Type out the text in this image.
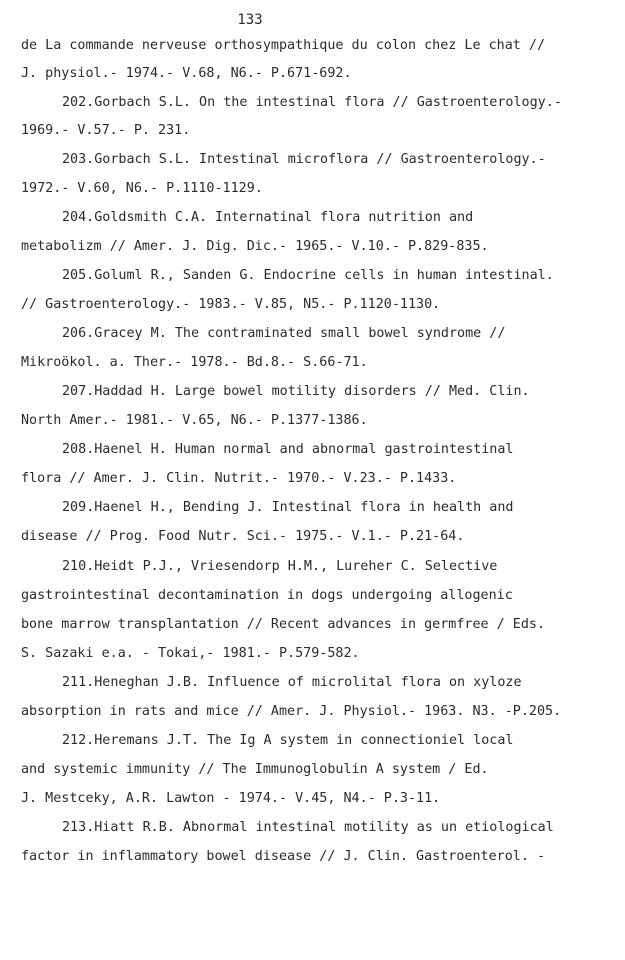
133
de La commande nerveuse orthosympathique du colon chez Le chat //
J. physiol.- 1974.- V.68, N6.- P.671-692.
202.Gorbach S.L. On the intestinal flora // Gastroenterology.-
1969.- V.57.- P. 231.
203.Gorbach S.L. Intestinal microflora // Gastroenterology.-
1972.- V.60, N6.- P.1110-1129.
204.Goldsmith C.A. Internatinal flora nutrition and
metabolizm // Amer. J. Dig. Dic.- 1965.- V.10.- P.829-835.
205.Goluml R., Sanden G. Endocrine cells in human intestinal.
// Gastroenterology.- 1983.- V.85, N5.- P.1120-1130.
206.Gracey M. The contraminated small bowel syndrome //
Mikroökol. a. Ther.- 1978.- Bd.8.- S.66-71.
207.Haddad H. Large bowel motility disorders // Med. Clin.
North Amer.- 1981.- V.65, N6.- P.1377-1386.
208.Haenel H. Human normal and abnormal gastrointestinal
flora // Amer. J. Clin. Nutrit.- 1970.- V.23.- P.1433.
209.Haenel H., Bending J. Intestinal flora in health and
disease // Prog. Food Nutr. Sci.- 1975.- V.1.- P.21-64.
210.Heidt P.J., Vriesendorp H.M., Lureher C. Selective
gastrointestinal decontamination in dogs undergoing allogenic
bone marrow transplantation // Recent advances in germfree / Eds.
S. Sazaki e.a. - Tokai,- 1981.- P.579-582.
211.Heneghan J.B. Influence of microlital flora on xyloze
absorption in rats and mice // Amer. J. Physiol.- 1963. N3. -P.205.
212.Heremans J.T. The Ig A system in connectioniel local
and systemic immunity // The Immunoglobulin A system / Ed.
J. Mestceky, A.R. Lawton - 1974.- V.45, N4.- P.3-11.
213.Hiatt R.B. Abnormal intestinal motility as un etiological
factor in inflammatory bowel disease // J. Clin. Gastroenterol. -
